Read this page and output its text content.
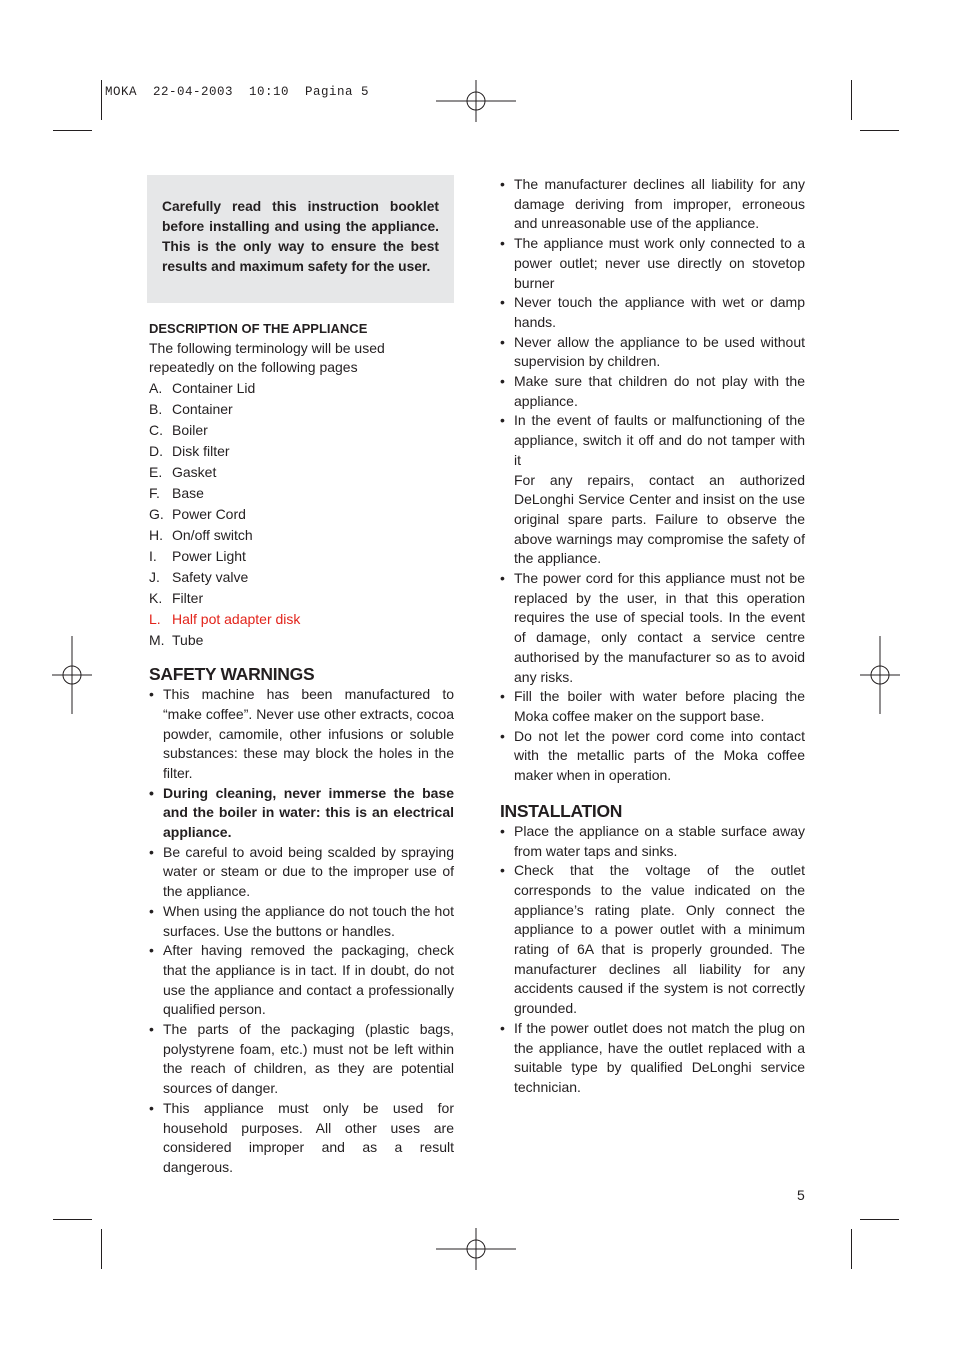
MOKA  22-04-2003  10:10  Pagina 5
Carefully read this instruction booklet before installing and using the appliance. This is the only way to ensure the best results and maximum safety for the user.
DESCRIPTION OF THE APPLIANCE
The following terminology will be used repeatedly on the following pages
A. Container Lid
B. Container
C. Boiler
D. Disk filter
E. Gasket
F. Base
G. Power Cord
H. On/off switch
I.	Power Light
J. Safety valve
K. Filter
L. Half pot adapter disk
M. Tube
SAFETY WARNINGS
• This machine has been manufactured to “make coffee”. Never use other extracts, cocoa powder, camomile, other infusions or soluble substances: these may block the holes in the filter.
• During cleaning, never immerse the base and the boiler in water: this is an electrical appliance.
• Be careful to avoid being scalded by spraying water or steam or due to the improper use of the appliance.
• When using the appliance do not touch the hot surfaces. Use the buttons or handles.
• After having removed the packaging, check that the appliance is in tact. If in doubt, do not use the appliance and contact a professionally qualified person.
• The parts of the packaging (plastic bags, polystyrene foam, etc.) must not be left within the reach of children, as they are potential sources of danger.
• This appliance must only be used for household purposes. All other uses are considered improper and as a result dangerous.
• The manufacturer declines all liability for any damage deriving from improper, erroneous and unreasonable use of the appliance.
• The appliance must work only connected to a power outlet; never use directly on stovetop burner
• Never touch the appliance with wet or damp hands.
• Never allow the appliance to be used without supervision by children.
• Make sure that children do not play with the appliance.
• In the event of faults or malfunctioning of the appliance, switch it off and do not tamper with it
For any repairs, contact an authorized DeLonghi Service Center and insist on the use original spare parts. Failure to observe the above warnings may compromise the safety of the appliance.
• The power cord for this appliance must not be replaced by the user, in that this operation requires the use of special tools. In the event of damage, only contact a service centre authorised by the manufacturer so as to avoid any risks.
• Fill the boiler with water before placing the Moka coffee maker on the support base.
• Do not let the power cord come into contact with the metallic parts of the Moka coffee maker when in operation.
INSTALLATION
• Place the appliance on a stable surface away from water taps and sinks.
• Check that the voltage of the outlet corresponds to the value indicated on the appliance’s rating plate. Only connect the appliance to a power outlet with a minimum rating of 6A that is properly grounded. The manufacturer declines all liability for any accidents caused if the system is not correctly grounded.
• If the power outlet does not match the plug on the appliance, have the outlet replaced with a suitable type by qualified DeLonghi service technician.
5
